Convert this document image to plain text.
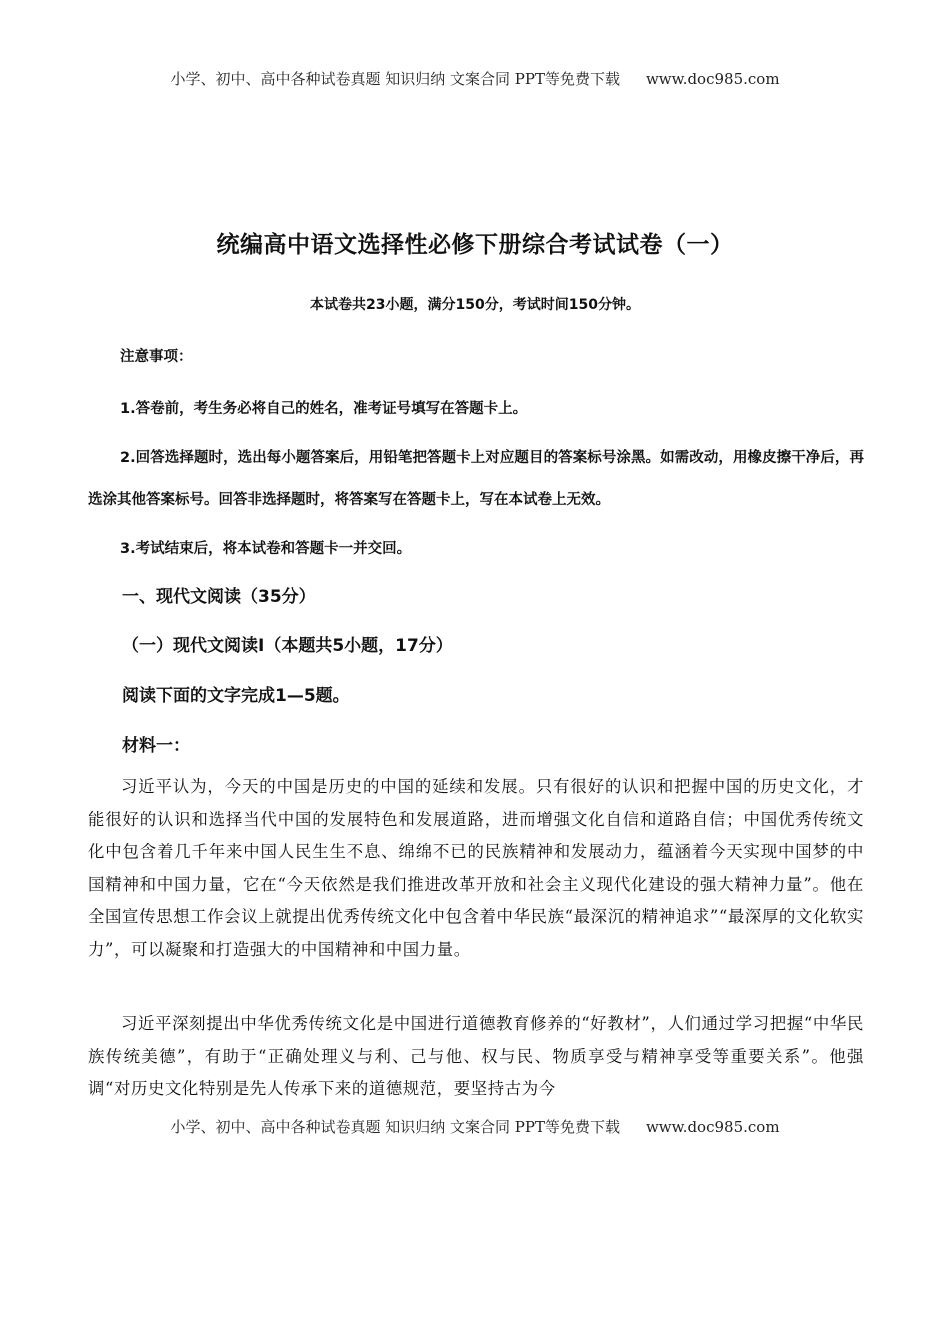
小学、初中、高中各种试卷真题 知识归纳 文案合同 PPT等免费下载 www.doc985.com
统编高中语文选择性必修下册综合考试试卷（一）
本试卷共23小题，满分150分，考试时间150分钟。
注意事项：
1.答卷前，考生务必将自己的姓名，准考证号填写在答题卡上。
2.回答选择题时，选出每小题答案后，用铅笔把答题卡上对应题目的答案标号涂黑。如需改动，用橡皮擦干净后，再选涂其他答案标号。回答非选择题时，将答案写在答题卡上，写在本试卷上无效。
3.考试结束后，将本试卷和答题卡一并交回。
一、现代文阅读（35分）
（一）现代文阅读Ⅰ（本题共5小题，17分）
阅读下面的文字完成1—5题。
材料一：

习近平认为，今天的中国是历史的中国的延续和发展。只有很好的认识和把握中国的历史文化，才能很好的认识和选择当代中国的发展特色和发展道路，进而增强文化自信和道路自信；中国优秀传统文化中包含着几千年来中国人民生生不息、绵绵不已的民族精神和发展动力，蕴涵着今天实现中国梦的中国精神和中国力量，它在“今天依然是我们推进改革开放和社会主义现代化建设的强大精神力量”。他在全国宣传思想工作会议上就提出优秀传统文化中包含着中华民族“最深沉的精神追求”“最深厚的文化软实力”，可以凝聚和打造强大的中国精神和中国力量。

习近平深刻提出中华优秀传统文化是中国进行道德教育修养的“好教材”，人们通过学习把握“中华民族传统美德”，有助于“正确处理义与利、己与他、权与民、物质享受与精神享受等重要关系”。他强调“对历史文化特别是先人传承下来的道德规范，要坚持古为今

小学、初中、高中各种试卷真题 知识归纳 文案合同 PPT等免费下载 www.doc985.com
